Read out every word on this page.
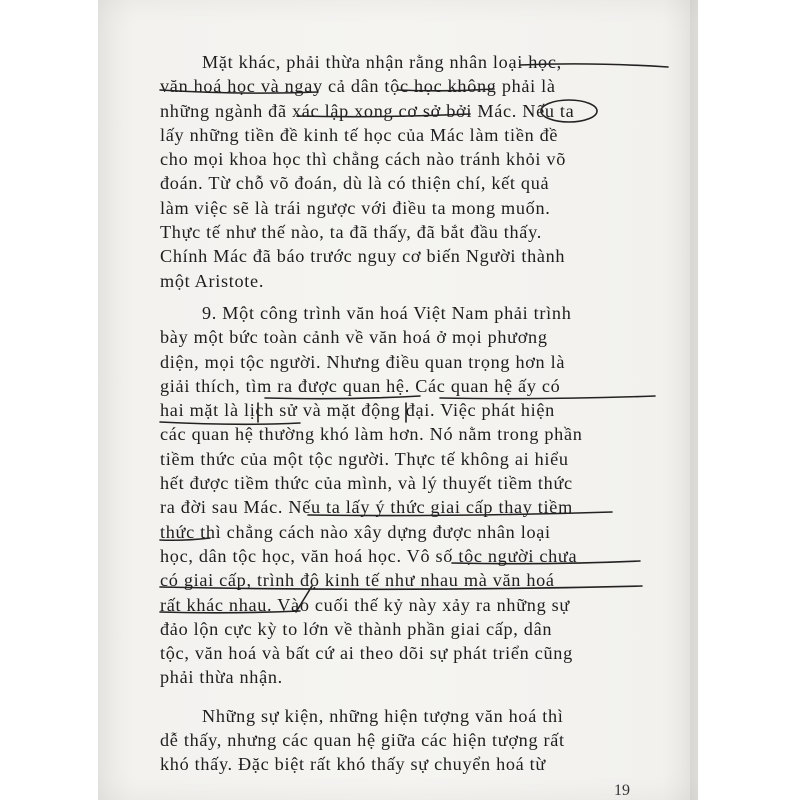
Mặt khác, phải thừa nhận rằng nhân loại học,
văn hoá học và ngay cả dân tộc học không phải là
những ngành đã xác lập xong cơ sở bởi Mác. Nếu ta
lấy những tiền đề kinh tế học của Mác làm tiền đề
cho mọi khoa học thì chẳng cách nào tránh khỏi võ
đoán. Từ chỗ võ đoán, dù là có thiện chí, kết quả
làm việc sẽ là trái ngược với điều ta mong muốn.
Thực tế như thế nào, ta đã thấy, đã bắt đầu thấy.
Chính Mác đã báo trước nguy cơ biến Người thành
một Aristote.
9. Một công trình văn hoá Việt Nam phải trình
bày một bức toàn cảnh về văn hoá ở mọi phương
diện, mọi tộc người. Nhưng điều quan trọng hơn là
giải thích, tìm ra được quan hệ. Các quan hệ ấy có
hai mặt là lịch sử và mặt động đại. Việc phát hiện
các quan hệ thường khó làm hơn. Nó nằm trong phần
tiềm thức của một tộc người. Thực tế không ai hiểu
hết được tiềm thức của mình, và lý thuyết tiềm thức
ra đời sau Mác. Nếu ta lấy ý thức giai cấp thay tiềm
thức thì chẳng cách nào xây dựng được nhân loại
học, dân tộc học, văn hoá học. Vô số tộc người chưa
có giai cấp, trình độ kinh tế như nhau mà văn hoá
rất khác nhau. Vào cuối thế kỷ này xảy ra những sự
đảo lộn cực kỳ to lớn về thành phần giai cấp, dân
tộc, văn hoá và bất cứ ai theo dõi sự phát triển cũng
phải thừa nhận.
Những sự kiện, những hiện tượng văn hoá thì
dễ thấy, nhưng các quan hệ giữa các hiện tượng rất
khó thấy. Đặc biệt rất khó thấy sự chuyển hoá từ
19
